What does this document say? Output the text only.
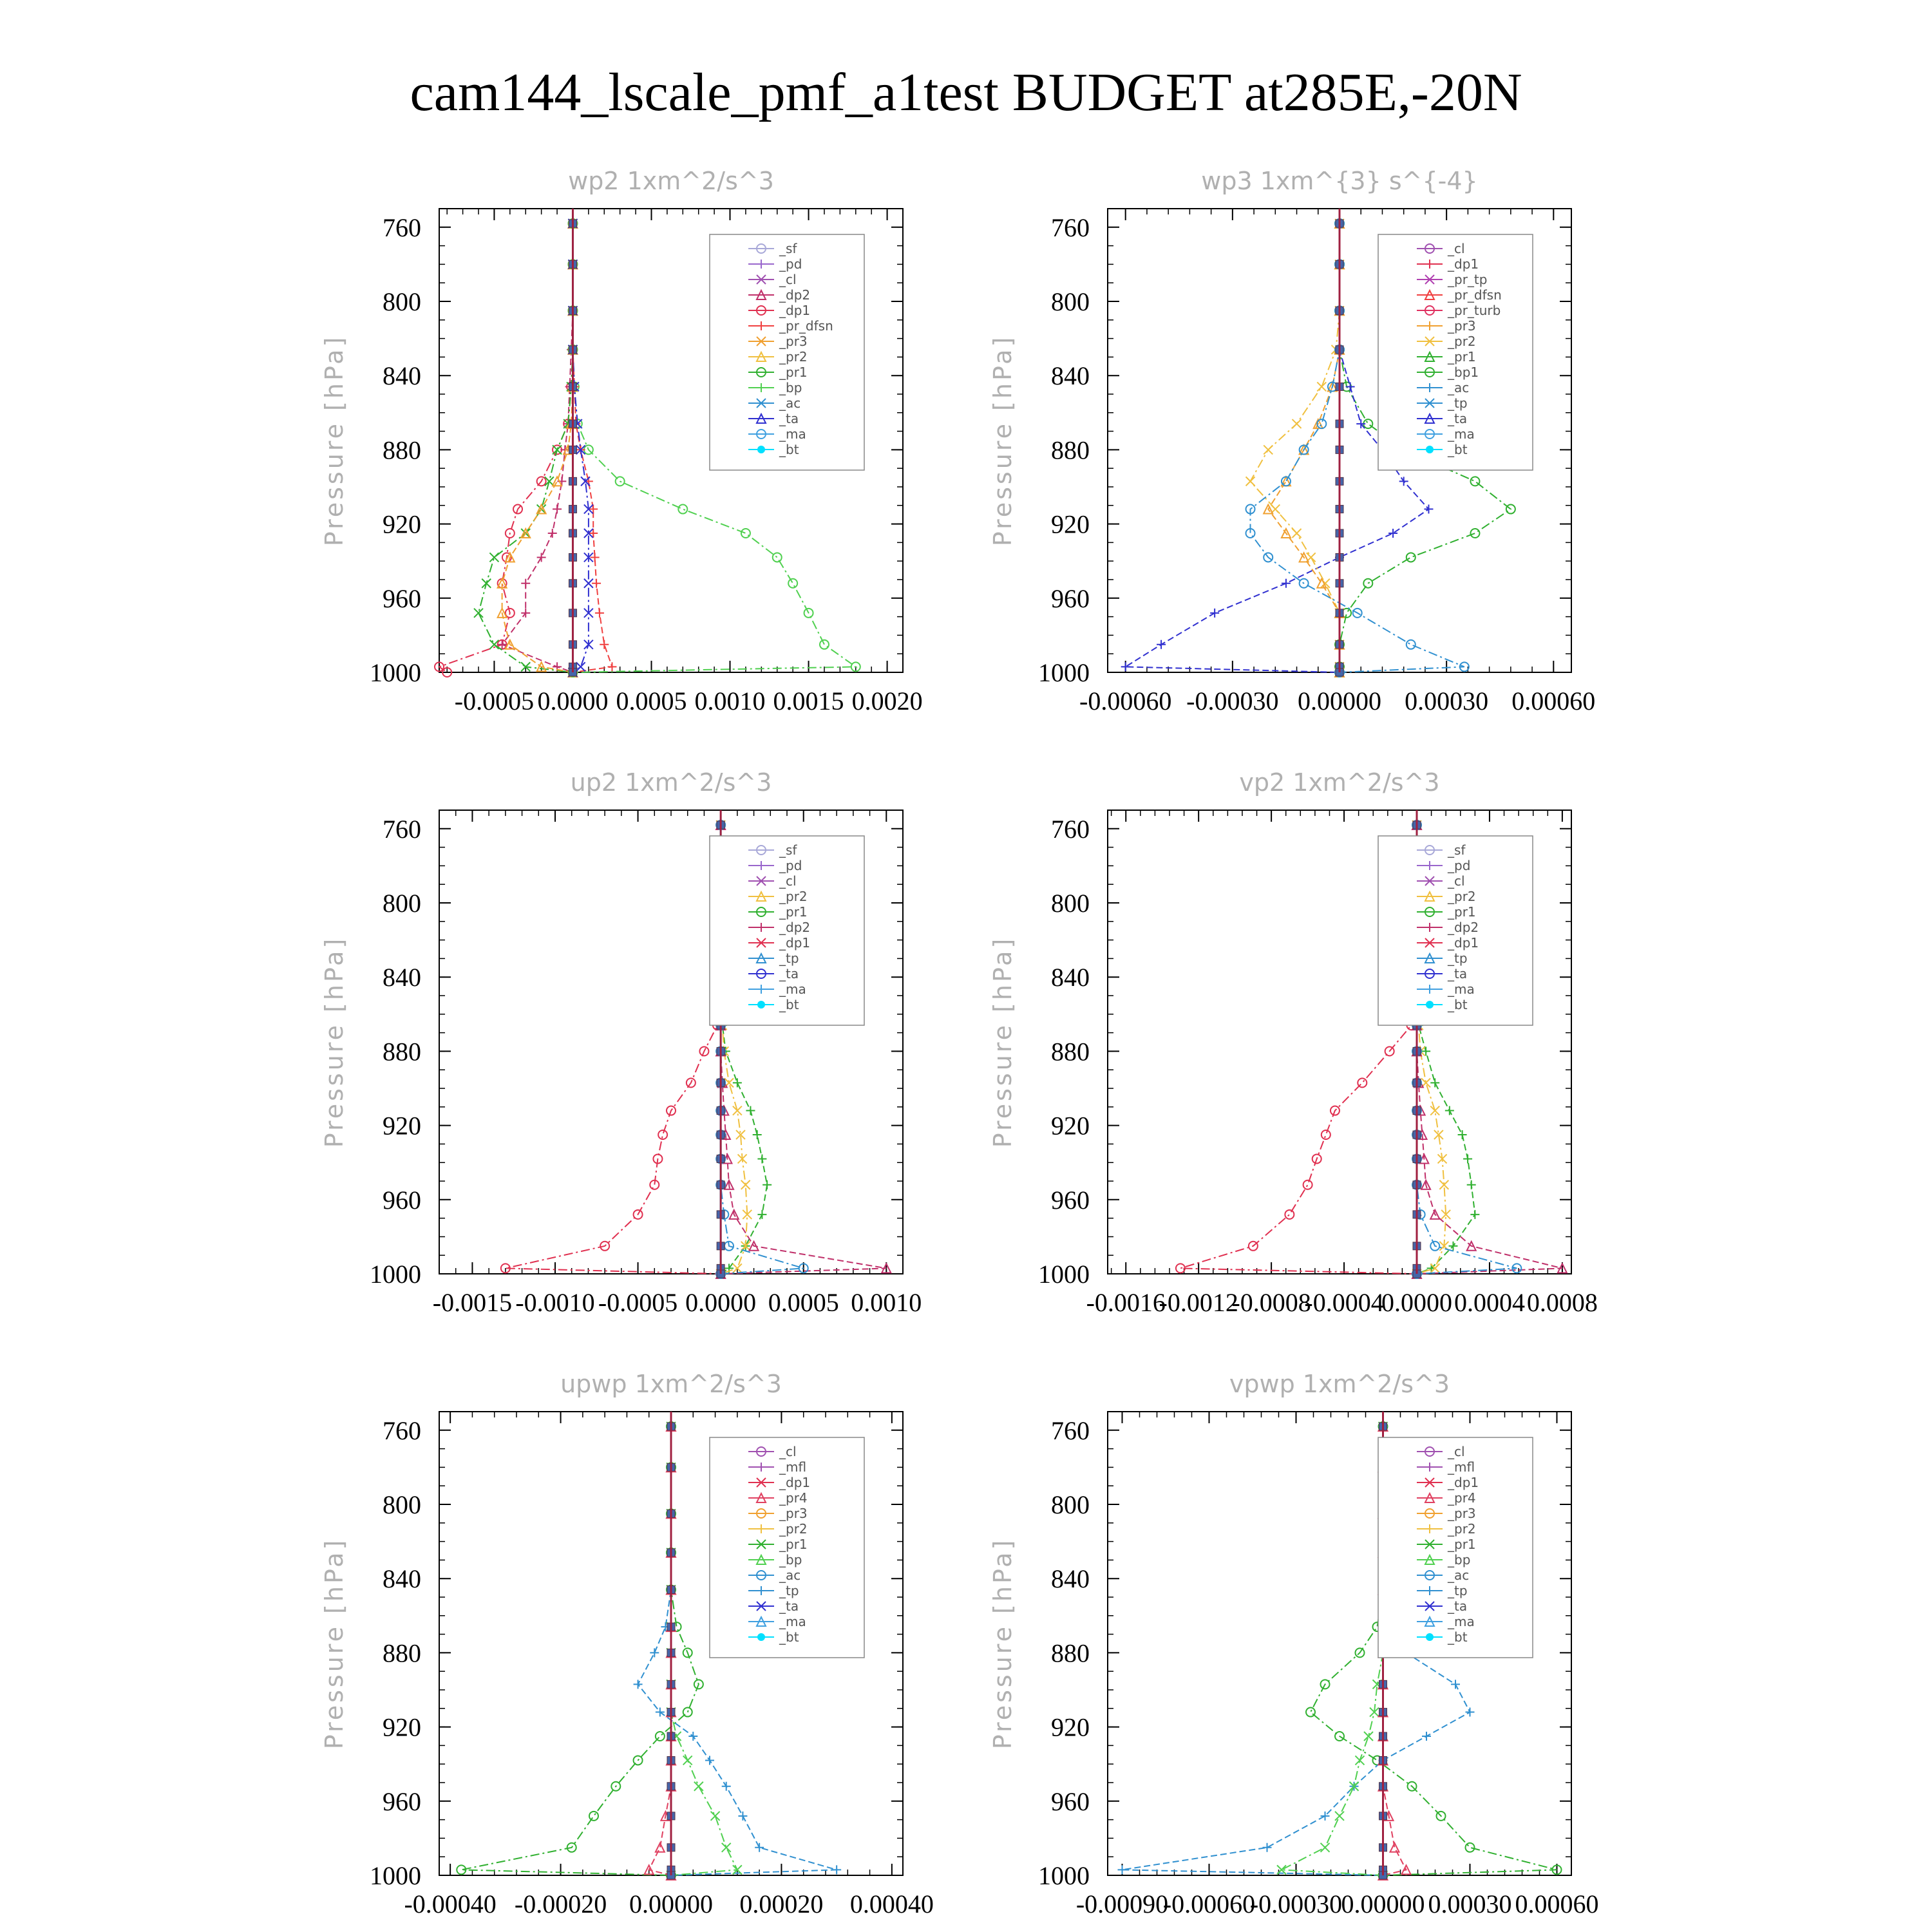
cam144_lscale_pmf_a1test BUDGET at285E,-20N
wp2 1xm^2/s^3
Pressure [hPa]
760
800
840
880
920
960
1000
-0.0005 0.0000 0.0005 0.0010 0.0015 0.0020
_sf
_pd
_cl
_dp2
_dp1
_pr_dfsn
_pr3
_pr2
_pr1
_bp
_ac
_ta
_ma
_bt
wp3 1xm^{3} s^{-4}
Pressure [hPa]
760
800
840
880
920
960
1000
-0.00060 -0.00030 0.00000 0.00030 0.00060
_cl
_dp1
_pr_tp
_pr_dfsn
_pr_turb
_pr3
_pr2
_pr1
_bp1
_ac
_tp
_ta
_ma
_bt
up2 1xm^2/s^3
Pressure [hPa]
760
800
840
880
920
960
1000
-0.0015 -0.0010 -0.0005 0.0000 0.0005 0.0010
_sf
_pd
_cl
_pr2
_pr1
_dp2
_dp1
_tp
_ta
_ma
_bt
vp2 1xm^2/s^3
Pressure [hPa]
760
800
840
880
920
960
1000
-0.0016
-0.0012
-0.0008
-0.0004
0.0000 0.0004 0.0008
_sf
_pd
_cl
_pr2
_pr1
_dp2
_dp1
_tp
_ta
_ma
_bt
upwp 1xm^2/s^3
Pressure [hPa]
760
800
840
880
920
960
1000
-0.00040 -0.00020 0.00000 0.00020 0.00040
_cl
_mfl
_dp1
_pr4
_pr3
_pr2
_pr1
_bp
_ac
_tp
_ta
_ma
_bt
vpwp 1xm^2/s^3
Pressure [hPa]
760
800
840
880
920
960
1000
-0.00090
-0.00060
-0.00030
0.00000 0.00030 0.00060
_cl
_mfl
_dp1
_pr4
_pr3
_pr2
_pr1
_bp
_ac
_tp
_ta
_ma
_bt
